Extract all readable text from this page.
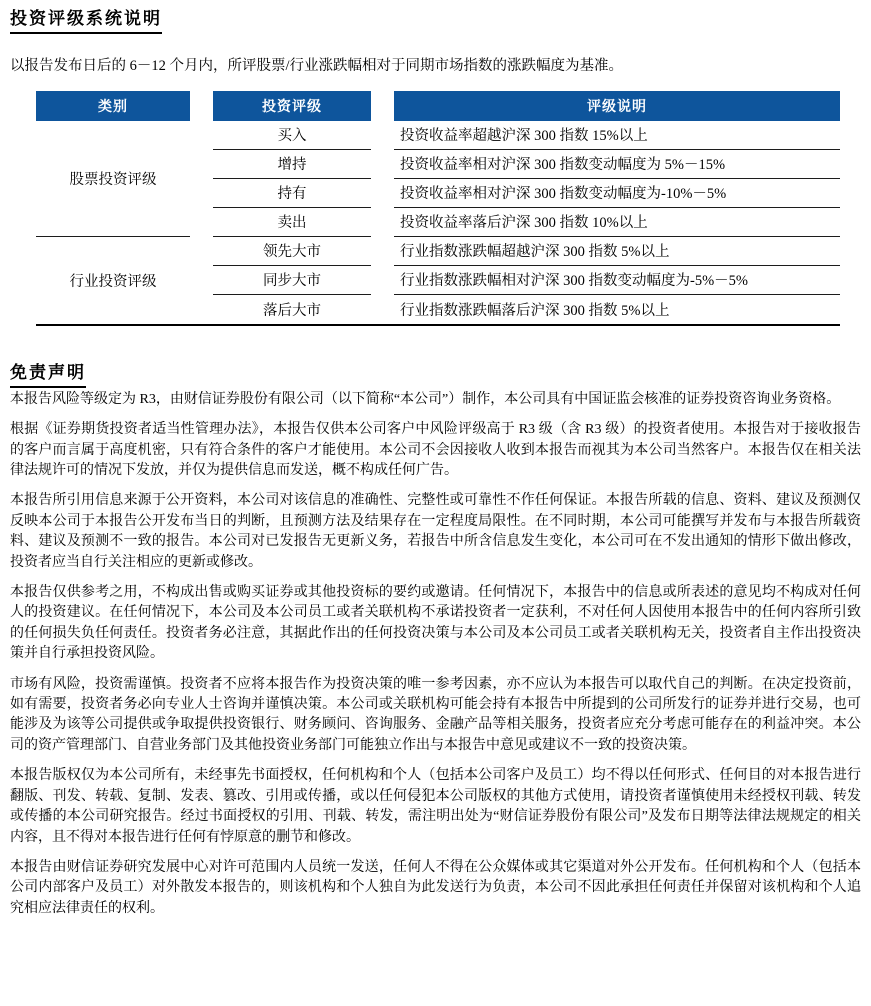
投资评级系统说明

以报告发布日后的 6－12 个月内，所评股票/行业涨跌幅相对于同期市场指数的涨跌幅度为基准。

类别	投资评级	评级说明
股票投资评级
买入	投资收益率超越沪深 300 指数 15%以上
增持	投资收益率相对沪深 300 指数变动幅度为 5%－15%
持有	投资收益率相对沪深 300 指数变动幅度为-10%－5%
卖出	投资收益率落后沪深 300 指数 10%以上
行业投资评级
领先大市	行业指数涨跌幅超越沪深 300 指数 5%以上
同步大市	行业指数涨跌幅相对沪深 300 指数变动幅度为-5%－5%
落后大市	行业指数涨跌幅落后沪深 300 指数 5%以上
免责声明

本报告风险等级定为 R3，由财信证券股份有限公司（以下简称“本公司”）制作，本公司具有中国证监会核准的证券投资咨询业务资格。

根据《证券期货投资者适当性管理办法》，本报告仅供本公司客户中风险评级高于 R3 级（含 R3 级）的投资者使用。本报告对于接收报告的客户而言属于高度机密，只有符合条件的客户才能使用。本公司不会因接收人收到本报告而视其为本公司当然客户。本报告仅在相关法律法规许可的情况下发放，并仅为提供信息而发送，概不构成任何广告。

本报告所引用信息来源于公开资料，本公司对该信息的准确性、完整性或可靠性不作任何保证。本报告所载的信息、资料、建议及预测仅反映本公司于本报告公开发布当日的判断，且预测方法及结果存在一定程度局限性。在不同时期，本公司可能撰写并发布与本报告所载资料、建议及预测不一致的报告。本公司对已发报告无更新义务，若报告中所含信息发生变化，本公司可在不发出通知的情形下做出修改，投资者应当自行关注相应的更新或修改。

本报告仅供参考之用，不构成出售或购买证券或其他投资标的要约或邀请。任何情况下，本报告中的信息或所表述的意见均不构成对任何人的投资建议。在任何情况下，本公司及本公司员工或者关联机构不承诺投资者一定获利，不对任何人因使用本报告中的任何内容所引致的任何损失负任何责任。投资者务必注意，其据此作出的任何投资决策与本公司及本公司员工或者关联机构无关，投资者自主作出投资决策并自行承担投资风险。

市场有风险，投资需谨慎。投资者不应将本报告作为投资决策的唯一参考因素，亦不应认为本报告可以取代自己的判断。在决定投资前，如有需要，投资者务必向专业人士咨询并谨慎决策。本公司或关联机构可能会持有本报告中所提到的公司所发行的证券并进行交易，也可能涉及为该等公司提供或争取提供投资银行、财务顾问、咨询服务、金融产品等相关服务，投资者应充分考虑可能存在的利益冲突。本公司的资产管理部门、自营业务部门及其他投资业务部门可能独立作出与本报告中意见或建议不一致的投资决策。

本报告版权仅为本公司所有，未经事先书面授权，任何机构和个人（包括本公司客户及员工）均不得以任何形式、任何目的对本报告进行翻版、刊发、转载、复制、发表、篡改、引用或传播，或以任何侵犯本公司版权的其他方式使用，请投资者谨慎使用未经授权刊载、转发或传播的本公司研究报告。经过书面授权的引用、刊载、转发，需注明出处为“财信证券股份有限公司”及发布日期等法律法规规定的相关内容，且不得对本报告进行任何有悖原意的删节和修改。

本报告由财信证券研究发展中心对许可范围内人员统一发送，任何人不得在公众媒体或其它渠道对外公开发布。任何机构和个人（包括本公司内部客户及员工）对外散发本报告的，则该机构和个人独自为此发送行为负责，本公司不因此承担任何责任并保留对该机构和个人追究相应法律责任的权利。
